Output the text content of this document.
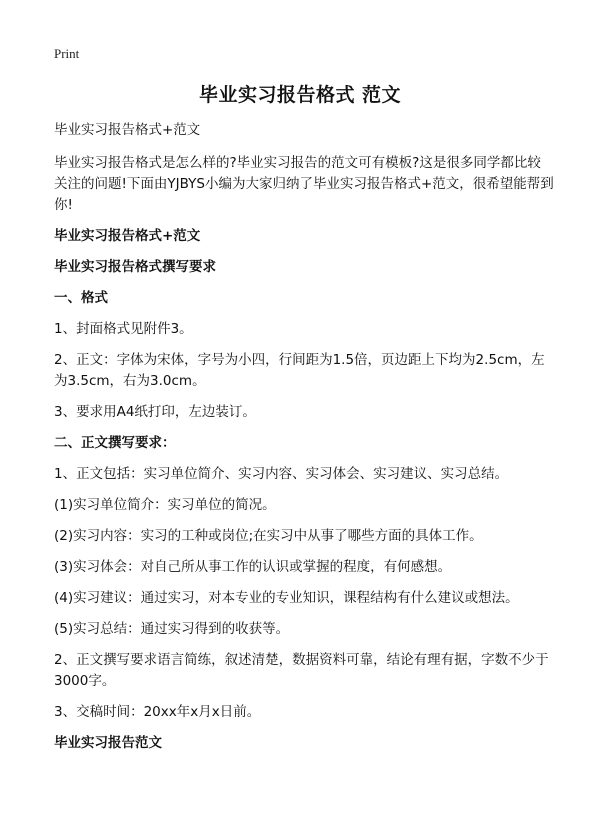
Print
毕业实习报告格式 范文

毕业实习报告格式+范文

毕业实习报告格式是怎么样的?毕业实习报告的范文可有模板?这是很多同学都比较关注的问题!下面由YJBYS小编为大家归纳了毕业实习报告格式+范文，很希望能帮到你!

毕业实习报告格式+范文

毕业实习报告格式撰写要求

一、格式

1、封面格式见附件3。

2、正文：字体为宋体，字号为小四，行间距为1.5倍，页边距上下均为2.5cm，左为3.5cm，右为3.0cm。

3、要求用A4纸打印，左边装订。

二、正文撰写要求：

1、正文包括：实习单位简介、实习内容、实习体会、实习建议、实习总结。

(1)实习单位简介：实习单位的简况。

(2)实习内容：实习的工种或岗位;在实习中从事了哪些方面的具体工作。

(3)实习体会：对自己所从事工作的认识或掌握的程度，有何感想。

(4)实习建议：通过实习，对本专业的专业知识，课程结构有什么建议或想法。

(5)实习总结：通过实习得到的收获等。

2、正文撰写要求语言简练，叙述清楚，数据资料可靠，结论有理有据，字数不少于3000字。

3、交稿时间：20xx年x月x日前。

毕业实习报告范文
